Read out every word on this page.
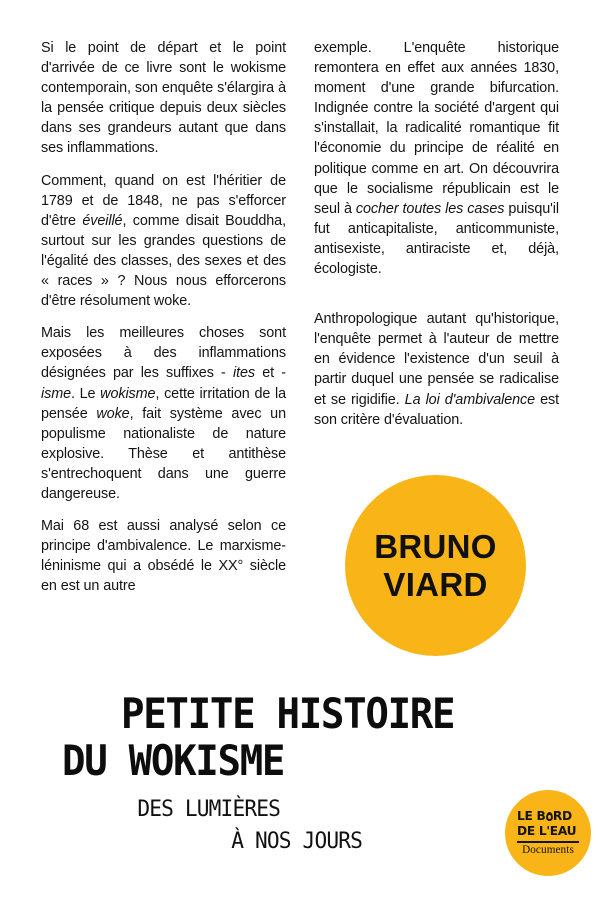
Si le point de départ et le point d'arrivée de ce livre sont le wokisme contemporain, son enquête s'élargira à la pensée critique depuis deux siècles dans ses grandeurs autant que dans ses inflammations.

Comment, quand on est l'héritier de 1789 et de 1848, ne pas s'efforcer d'être éveillé, comme disait Bouddha, surtout sur les grandes questions de l'égalité des classes, des sexes et des « races » ? Nous nous efforcerons d'être résolument woke.

Mais les meilleures choses sont exposées à des inflammations désignées par les suffixes - ites et - isme. Le wokisme, cette irritation de la pensée woke, fait système avec un populisme nationaliste de nature explosive. Thèse et antithèse s'entrechoquent dans une guerre dangereuse.

Mai 68 est aussi analysé selon ce principe d'ambivalence. Le marxisme-léninisme qui a obsédé le XX° siècle en est un autre

exemple. L'enquête historique remontera en effet aux années 1830, moment d'une grande bifurcation. Indignée contre la société d'argent qui s'installait, la radicalité romantique fit l'économie du principe de réalité en politique comme en art. On découvrira que le socialisme républicain est le seul à cocher toutes les cases puisqu'il fut anticapitaliste, anticommuniste, antisexiste, antiraciste et, déjà, écologiste.

Anthropologique autant qu'historique, l'enquête permet à l'auteur de mettre en évidence l'existence d'un seuil à partir duquel une pensée se radicalise et se rigidifie. La loi d'ambivalence est son critère d'évaluation.

BRUNO
VIARD
PETITE HISTOIRE
DU WOKISME
DES LUMIÈRES
À NOS JOURS
LE B RD
DE L'EAU
Documents
